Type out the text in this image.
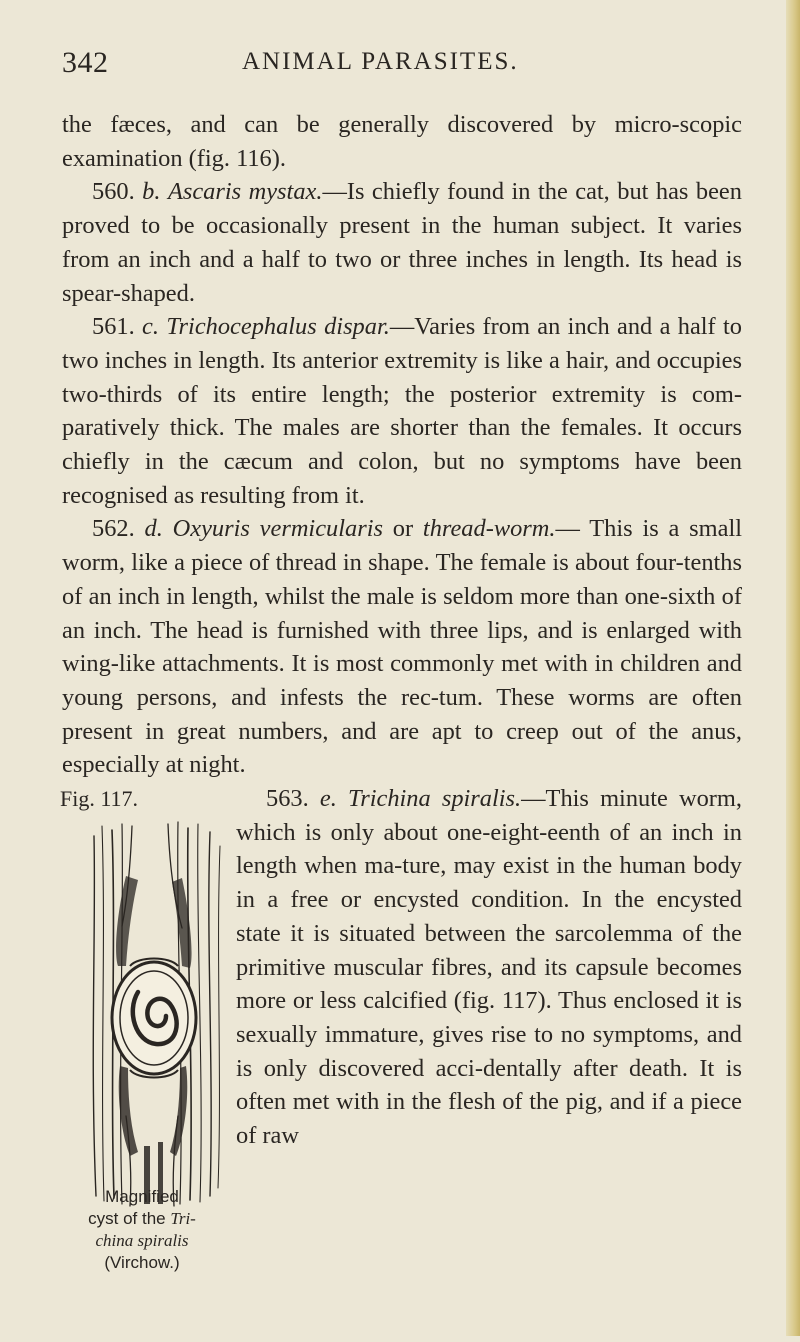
342	ANIMAL PARASITES.

the fæces, and can be generally discovered by micro-scopic examination (fig. 116).

560. b. Ascaris mystax.—Is chiefly found in the cat, but has been proved to be occasionally present in the human subject. It varies from an inch and a half to two or three inches in length. Its head is spear-shaped.

561. c. Trichocephalus dispar.—Varies from an inch and a half to two inches in length. Its anterior extremity is like a hair, and occupies two-thirds of its entire length; the posterior extremity is com-paratively thick. The males are shorter than the females. It occurs chiefly in the cæcum and colon, but no symptoms have been recognised as resulting from it.

562. d. Oxyuris vermicularis or thread-worm.— This is a small worm, like a piece of thread in shape. The female is about four-tenths of an inch in length, whilst the male is seldom more than one-sixth of an inch. The head is furnished with three lips, and is enlarged with wing-like attachments. It is most commonly met with in children and young persons, and infests the rec-tum. These worms are often present in great numbers, and are apt to creep out of the anus, especially at night.

Fig. 117.
Magnified
cyst of the Tri-
china spiralis
(Virchow.)

563. e. Trichina spiralis.—This minute worm, which is only about one-eight-eenth of an inch in length when ma-ture, may exist in the human body in a free or encysted condition. In the encysted state it is situated between the sarcolemma of the primitive muscular fibres, and its capsule becomes more or less calcified (fig. 117). Thus enclosed it is sexually immature, gives rise to no symptoms, and is only discovered acci-dentally after death. It is often met with in the flesh of the pig, and if a piece of raw
